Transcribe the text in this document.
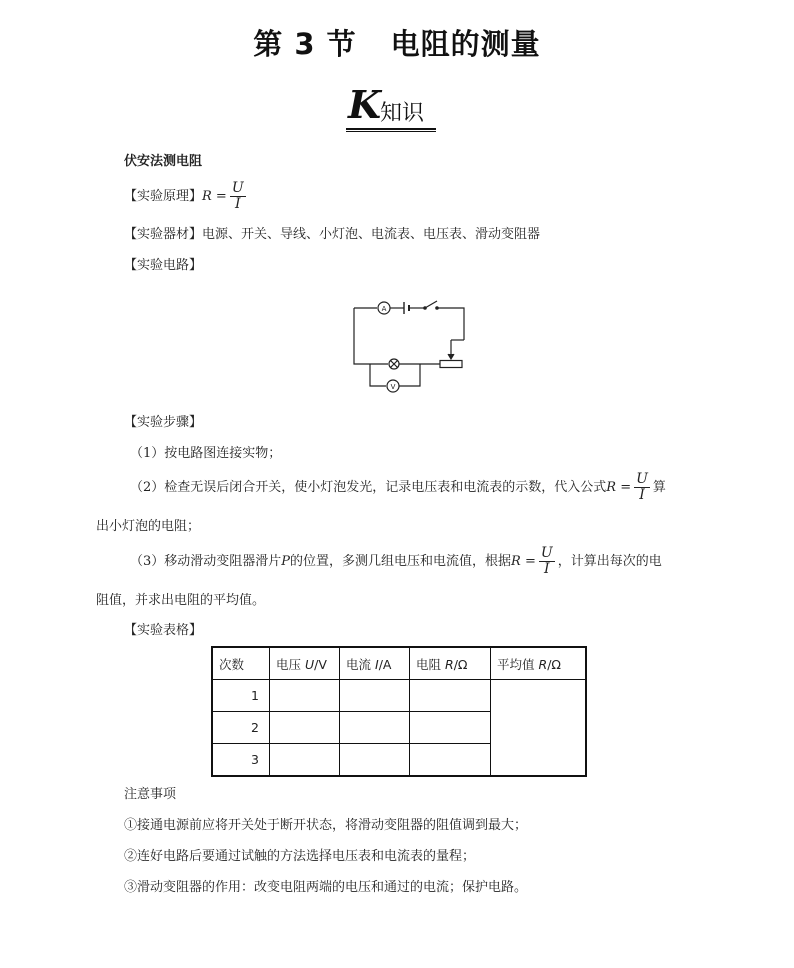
第 3 节 电阻的测量
K
知识
伏安法测电阻
【实验原理】$R = \frac{U}{I}$
【实验器材】电源、开关、导线、小灯泡、电流表、电压表、滑动变阻器
【实验电路】
A
V
【实验步骤】
（1）按电路图连接实物；
（2）检查无误后闭合开关，使小灯泡发光，记录电压表和电流表的示数，代入公式$R = \frac{U}{I}$ 算
出小灯泡的电阻；
（3）移动滑动变阻器滑片P的位置，多测几组电压和电流值，根据$R = \frac{U}{I}$ ，计算出每次的电
阻值，并求出电阻的平均值。
【实验表格】
次数	电压 U/V	电流 I/A	电阻 R/Ω	平均值 R/Ω
1				
2				
3				
注意事项
①接通电源前应将开关处于断开状态，将滑动变阻器的阻值调到最大；
②连好电路后要通过试触的方法选择电压表和电流表的量程；
③滑动变阻器的作用：改变电阻两端的电压和通过的电流；保护电路。
